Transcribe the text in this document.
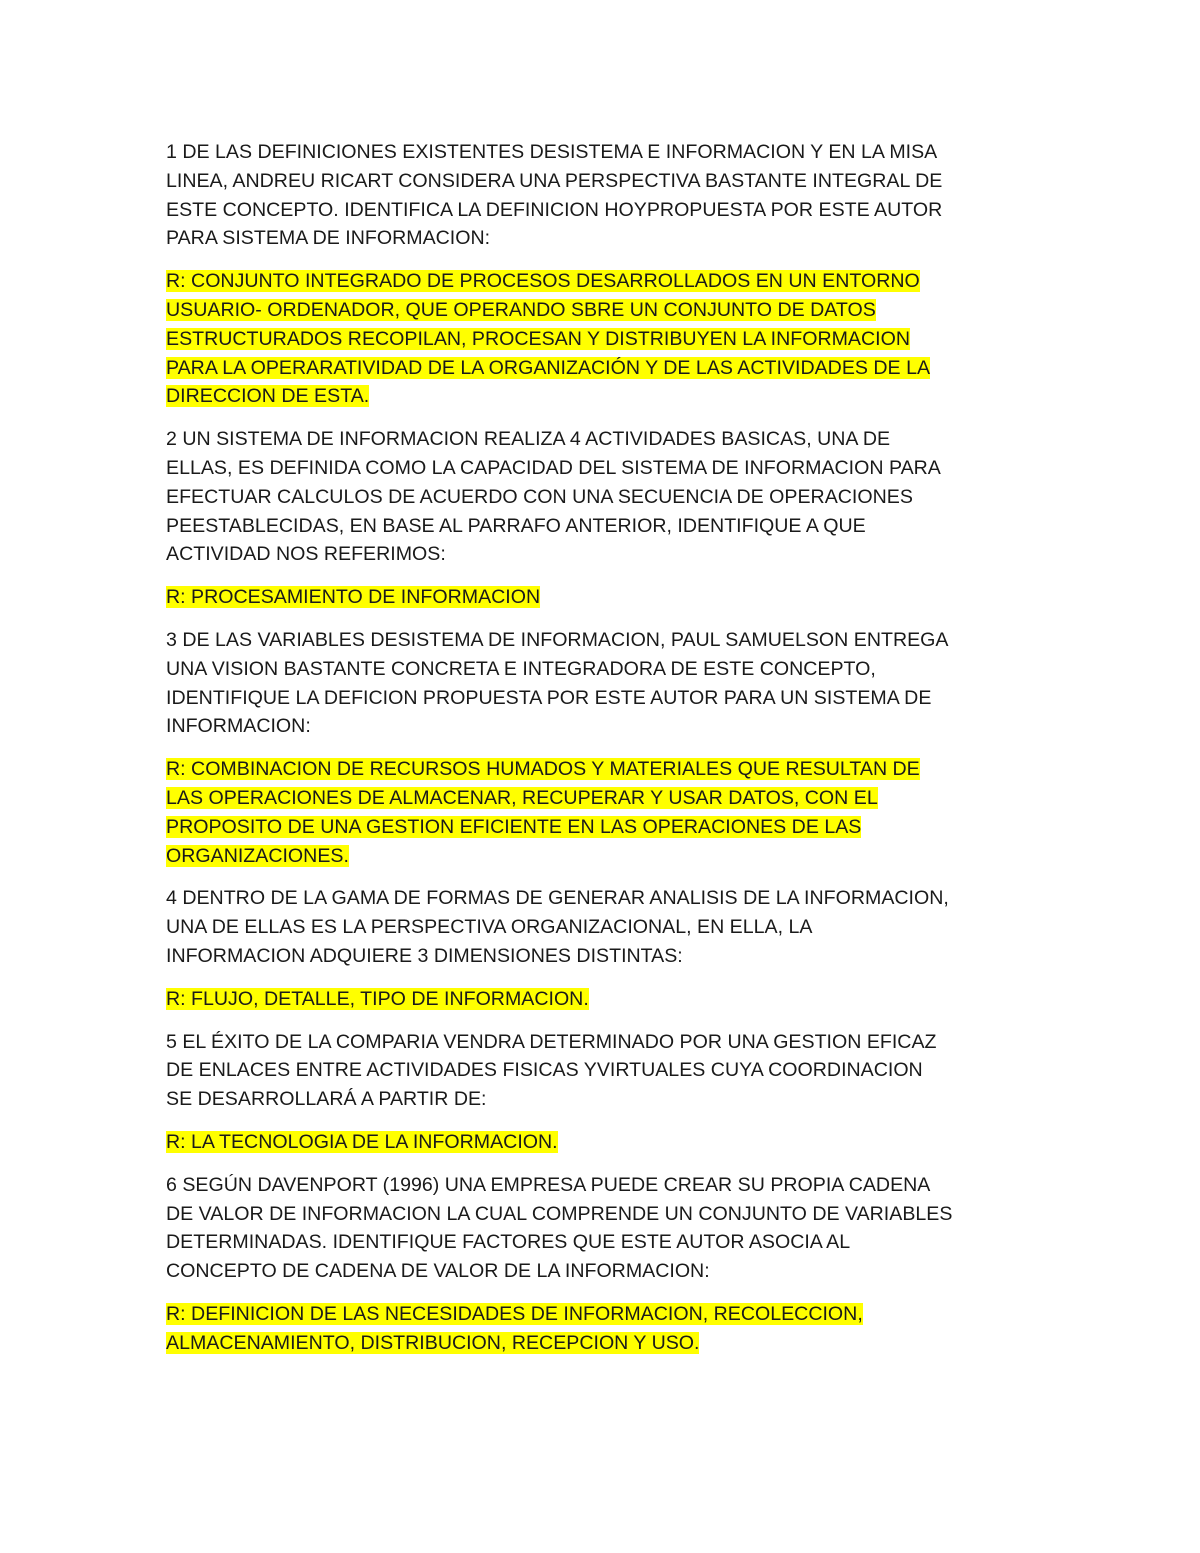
1 DE LAS DEFINICIONES EXISTENTES DESISTEMA E INFORMACION Y EN LA MISA
LINEA, ANDREU RICART CONSIDERA UNA PERSPECTIVA BASTANTE INTEGRAL DE
ESTE CONCEPTO. IDENTIFICA LA DEFINICION HOYPROPUESTA POR ESTE AUTOR
PARA SISTEMA DE INFORMACION:

R: CONJUNTO INTEGRADO DE PROCESOS DESARROLLADOS EN UN ENTORNO
USUARIO- ORDENADOR, QUE OPERANDO SBRE UN CONJUNTO DE DATOS
ESTRUCTURADOS RECOPILAN, PROCESAN Y DISTRIBUYEN LA INFORMACION
PARA LA OPERARATIVIDAD DE LA ORGANIZACIÓN Y DE LAS ACTIVIDADES DE LA
DIRECCION DE ESTA.

2 UN SISTEMA DE INFORMACION REALIZA 4 ACTIVIDADES BASICAS, UNA DE
ELLAS, ES DEFINIDA COMO LA CAPACIDAD DEL SISTEMA DE INFORMACION PARA
EFECTUAR CALCULOS DE ACUERDO CON UNA SECUENCIA DE OPERACIONES
PEESTABLECIDAS, EN BASE AL PARRAFO ANTERIOR, IDENTIFIQUE A QUE
ACTIVIDAD NOS REFERIMOS:

R: PROCESAMIENTO DE INFORMACION

3 DE LAS VARIABLES DESISTEMA DE INFORMACION, PAUL SAMUELSON ENTREGA
UNA VISION BASTANTE CONCRETA E INTEGRADORA DE ESTE CONCEPTO,
IDENTIFIQUE LA DEFICION PROPUESTA POR ESTE AUTOR PARA UN SISTEMA DE
INFORMACION:

R: COMBINACION DE RECURSOS HUMADOS Y MATERIALES QUE RESULTAN DE
LAS OPERACIONES DE ALMACENAR, RECUPERAR Y USAR DATOS, CON EL
PROPOSITO DE UNA GESTION EFICIENTE EN LAS OPERACIONES DE LAS
ORGANIZACIONES.

4 DENTRO DE LA GAMA DE FORMAS DE GENERAR ANALISIS DE LA INFORMACION,
UNA DE ELLAS ES LA PERSPECTIVA ORGANIZACIONAL, EN ELLA, LA
INFORMACION ADQUIERE 3 DIMENSIONES DISTINTAS:

R: FLUJO, DETALLE, TIPO DE INFORMACION.

5 EL ÉXITO DE LA COMPARIA VENDRA DETERMINADO POR UNA GESTION EFICAZ
DE ENLACES ENTRE ACTIVIDADES FISICAS YVIRTUALES CUYA COORDINACION
SE DESARROLLARÁ A PARTIR DE:

R: LA TECNOLOGIA DE LA INFORMACION.

6 SEGÚN DAVENPORT (1996) UNA EMPRESA PUEDE CREAR SU PROPIA CADENA
DE VALOR DE INFORMACION LA CUAL COMPRENDE UN CONJUNTO DE VARIABLES
DETERMINADAS. IDENTIFIQUE FACTORES QUE ESTE AUTOR ASOCIA AL
CONCEPTO DE CADENA DE VALOR DE LA INFORMACION:

R: DEFINICION DE LAS NECESIDADES DE INFORMACION, RECOLECCION,
ALMACENAMIENTO, DISTRIBUCION, RECEPCION Y USO.
